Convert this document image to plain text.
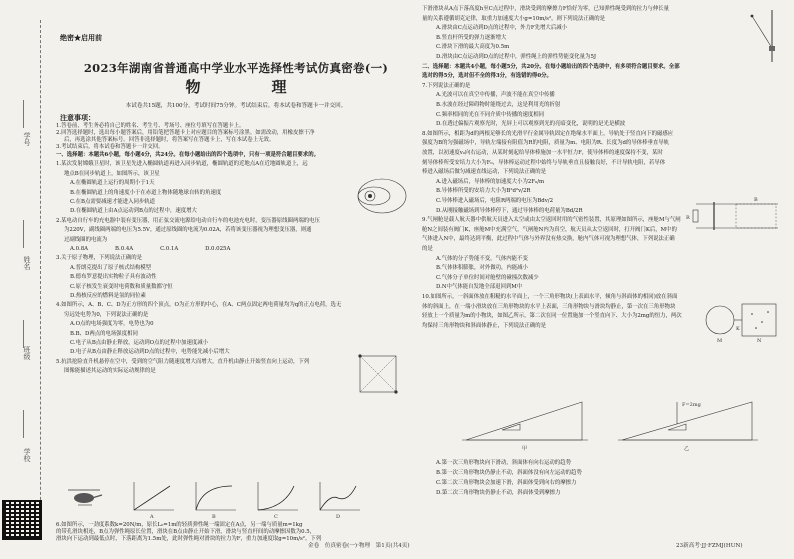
学号
姓名
班级
学校
绝密★启用前
2023年湖南省普通高中学业水平选择性考试仿真密卷(一)
物　理
本试卷共15题，共100分，考试时间75分钟。考试结束后，将本试卷和答题卡一并交回。
注意事项：
1.答卷前，考生务必将自己的姓名、考生号、考场号、座位号填写在答题卡上。
2.回答选择题时，选出每小题答案后，用铅笔把答题卡上对应题目的答案标号涂黑。如需改动，用橡皮擦干净
后，再选涂其他答案标号。回答非选择题时，将答案写在答题卡上，写在本试卷上无效。
3.考试结束后，将本试卷和答题卡一并交回。
一、选择题：本题共6小题，每小题4分，共24分。在每小题给出的四个选项中，只有一项是符合题目要求的。
1.某次发射嫦娥卫星时，该卫星先进入椭圆轨道再进入同步轨道，椭圆轨道的近地点A在近地圆轨道上，远
地点B在同步轨道上，如图所示，该卫星
A.在椭圆轨道上运行的周期小于1天
B.在椭圆轨道上的角速度小于在赤道上物体随地球自转的角速度
C.在B点需要减速才能进入同步轨道
D.在椭圆轨道上由A点运动到B点的过程中，速度增大
2.某电动自行车的充电器中装有变压器，用正弦交流电源给电动自行车的电池充电时，变压器原线圈两端的电压
为220V，副线圈两端的电压为5.5V，通过原线圈的电流为0.02A，若将该变压器视为理想变压器，则通
过副线圈的电流为
A.0.8A　　　　　B.0.4A　　　　　C.0.1A　　　　　D.0.025A
3.关于原子物理，下列说法正确的是
A.普朗克提出了原子核式结构模型
B.德布罗意提出实物粒子具有波动性
C.原子核发生衰变时电荷数和质量数都守恒
D.热核反应的燃料是氢的同位素
4.如图所示，A、B、C、D为正方形的四个顶点，O为正方形的中心，在A、C两点固定两电荷量均为q的正点电荷，选无
穷远处电势为0，下列说法正确的是
A.O点的电场强度为零，电势也为0
B.B、D两点的电场强度相同
C.电子从B点由静止释放，运动到O点的过程中加速度减小
D.电子从B点由静止释放运动到D点的过程中，电势能先减小后增大
5.抗洪抢险直升机悬停在空中，受到的空气阻力随速度增大而增大，直升机由静止开始竖直向上运动，下列
图像能描述其运动的实际运动规律的是
A	B	C	D
6.如图所示，一劲度系数k=20N/m，原长L₀=1m的轻质弹性绳一端固定在A点，另一端与质量m=1kg
的带孔滑块相连，B点为弹性绳原长位置，滑块在B点由静止开始下滑，滑块与竖直杆间的动摩擦因数为0.5，
滑块向下运动到最低点时，下落距离为1.5m处，此时弹性绳对滑块的拉力为F，重力加速度取g=10m/s²。下列
金卷　仿真密卷(一)·物理　第1页(共4页)
下滑滑块从A点下落高度h至C点过程中，滑块受到的摩擦力F恰好为零，已知弹性绳受到的拉力与伸长量
量的关系遵循胡克定律，取重力加速度大小g=10m/s²，则下列说法正确的是
A.滑块由C点运动到D点的过程中，外力F先增大后减小
B.竖直杆所受的弹力逐渐增大
C.滑块下滑的最大高度为0.5m
D.滑块由C点运动到D点的过程中，弹性绳上的弹性势能变化量为5J
二、选择题：本题共4小题，每小题5分，共20分。在每小题给出的四个选项中，有多项符合题目要求。全部
选对的得5分，选对但不全的得3分，有选错的得0分。
7.下列说法正确的是
A.光波可以在真空中传播，声波不能在真空中传播
B.水波在经过障碍物时能绕过去，这是利用光的折射
C.频率相同的光在不同介质中传播的速度相同
D.在透过偏振片观察光时，光屏上可以观察到光的亮暗变化，说明的是光是横波
8.如图所示，相距为d的两根足够长的光滑平行金属导轨固定在绝缘水平面上，导轨处于竖直向下的磁感应
强度为B的匀强磁场中，导轨左端接有阻值为R的电阻，质量为m、电阻为R、长度为d的导体棒垂直导轨
放置，以初速度v₀向右运动，从某时刻起给导体棒施加一水平恒力F，使导体棒的速度保持不变，某时
刻导体棒所受安培力大小为F₀，导体棒运动过程中始终与导轨垂直且接触良好，不计导轨电阻，若导体
棒进入磁场后做匀减速直线运动，下列说法正确的是
A.进入磁场后，导体棒的加速度大小为2F₀/m
B.导体棒所受的安培力大小为B²d²v/2R
C.导体棒进入磁场后，电阻R两端的电压为Bdv/2
D.从刚接触磁场到导体棒停下，通过导体棒的电荷量为Bd/2R
9.气闸舱是载人航天器中供航天员进入太空或由太空返回时用的气密性装置，其原理如图所示，座舱M与气闸
舱N之间装有阀门K，座舱M中充满空气，气闸舱N内为真空，航天员从太空返回时，打开阀门K后，M中的
气体进入N中，最终达到平衡，此过程中气体与外界没有热交换，舱内气体可视为理想气体，下列说法正确
的是
A.气体的分子势能不变，气体内能不变
B.气体体积膨胀，对外做功，内能减小
C.气体分子单位时间对舱壁的碰撞次数减少
D.N中气体能自发地全部退回到M中
10.如图所示，一斜面体放在粗糙的水平面上，一个三角形物块(上表面水平，倾角与斜面体的相同)放在斜面
体的斜面上，在一端小滑块放在三角形物块的水平上表面，三角形物块与滑块均静止，第一次在三角形物块
轻放上一个质量为m的小物块，如图乙所示，第二次在同一位置施加一个竖直向下、大小为2mg的恒力，两次
均保持三角形物块和斜面体静止，下列说法正确的是
R
B
M
K
N
F=2mg
甲	乙
A.第一次三角形物块向下滑动，斜面体有向右运动的趋势
B.第一次三角形物块仍静止不动，斜面体没有向左运动的趋势
C.第二次三角形物块会加速下滑，斜面体受到向右的摩擦力
D.第二次三角形物块仍静止不动，斜面体受到摩擦力
23新高考·JJ·FZMJ(HUN)
